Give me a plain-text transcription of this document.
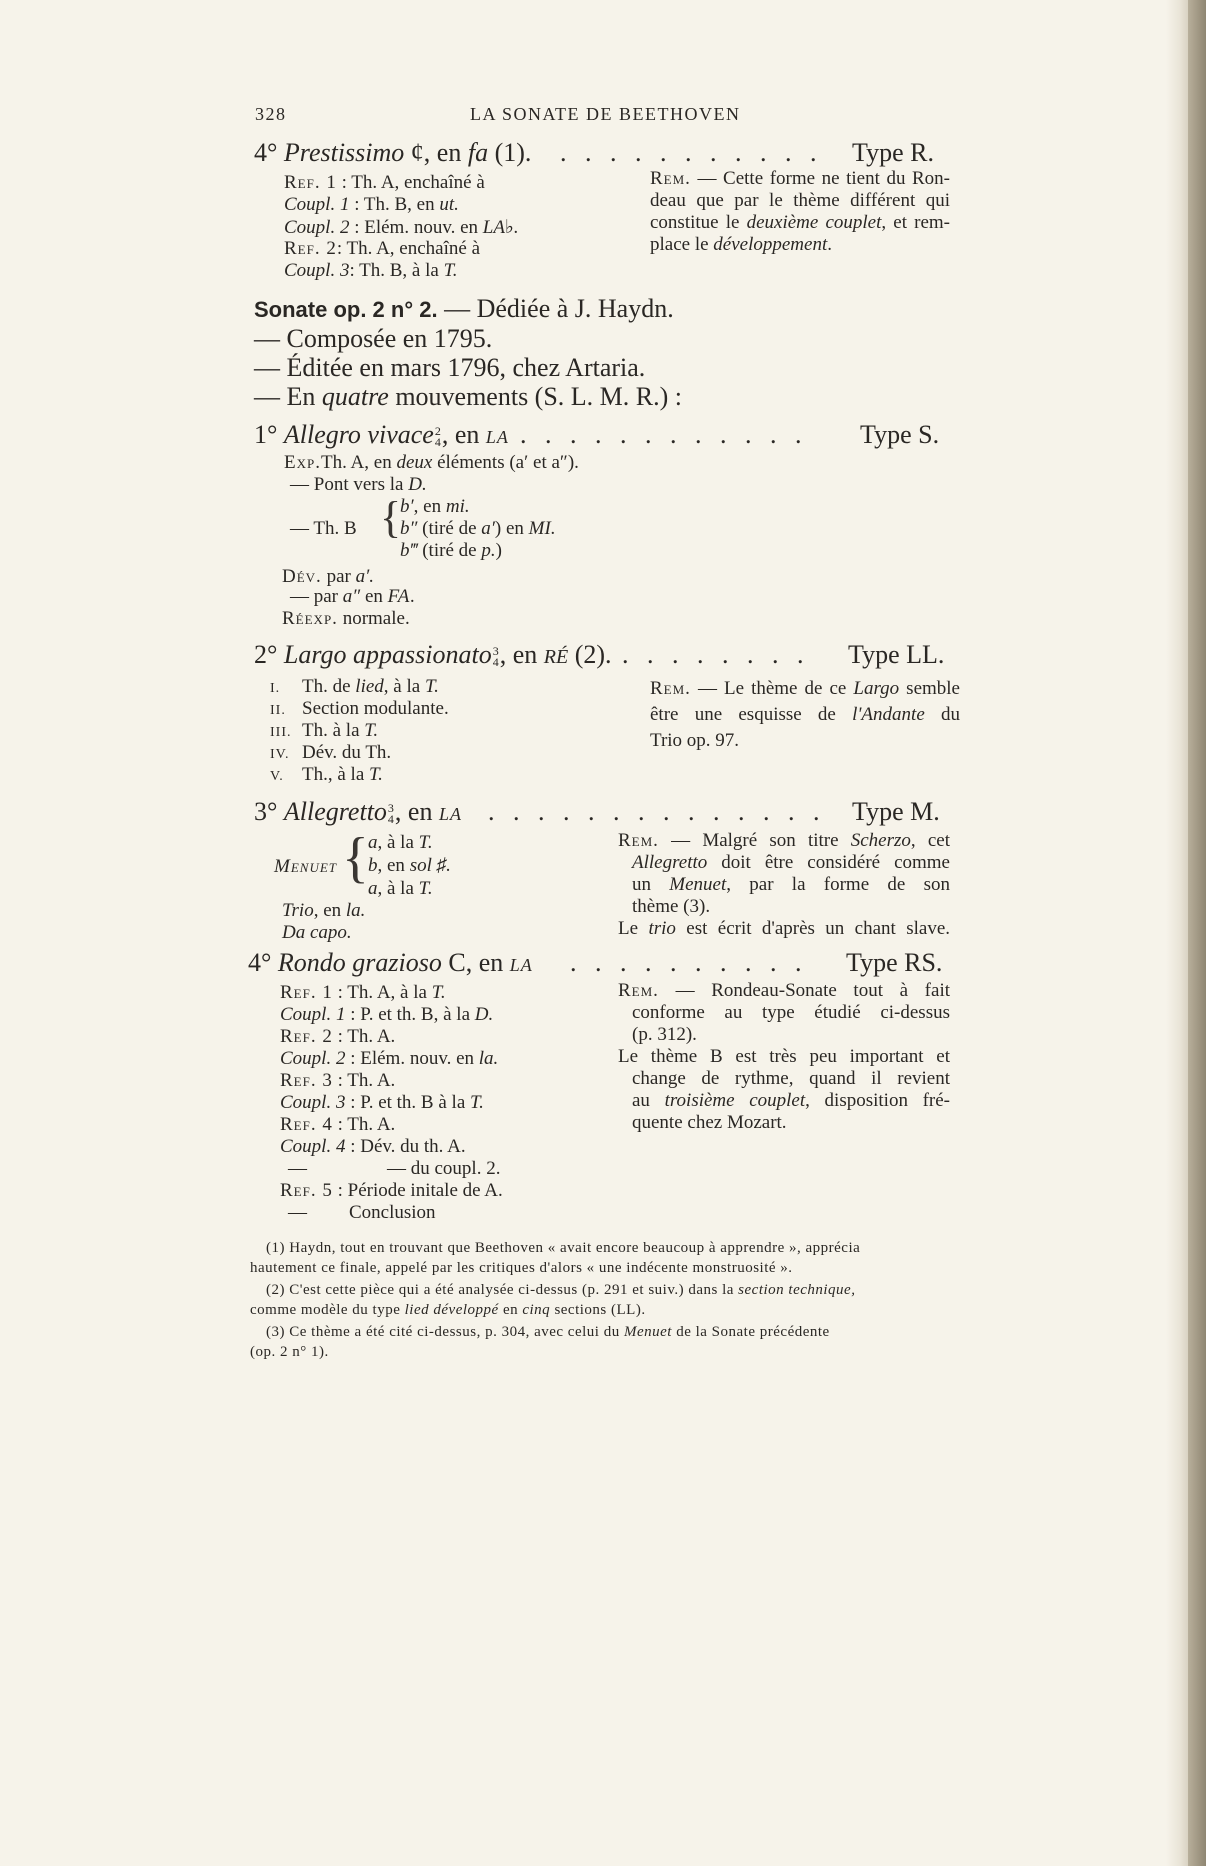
328	LA SONATE DE BEETHOVEN
4° Prestissimo ¢, en fa (1). . . . . . . . . . . . Type R.
Ref. 1 : Th. A, enchaîné à
Coupl. 1 : Th. B, en ut.
Coupl. 2 : Elém. nouv. en LA♭.
Ref. 2: Th. A, enchaîné à
Coupl. 3: Th. B, à la T.
Rem. — Cette forme ne tient du Ron-
deau que par le thème différent qui
constitue le deuxième couplet, et rem-
place le développement.
Sonate op. 2 n° 2. — Dédiée à J. Haydn.
— Composée en 1795.
— Éditée en mars 1796, chez Artaria.
— En quatre mouvements (S. L. M. R.) :
1° Allegro vivace 2
4 , en la . . . . . . . . . . . . Type S.
Exp.Th. A, en deux éléments (a′ et a″).
— Pont vers la D.
{
b′, en mi.
— Th. B b″ (tiré de a′) en MI.
b‴ (tiré de p.)
Dév. par a′.
— par a″ en FA.
Réexp. normale.
2° Largo appassionato 3
4 , en RÉ (2). . . . . . . . . Type LL.
I. Th. de lied, à la T.
II. Section modulante.
III. Th. à la T.
IV. Dév. du Th.
V. Th., à la T.
Rem. — Le thème de ce Largo semble
être une esquisse de l'Andante du
Trio op. 97.
3° Allegretto 3
4 , en la . . . . . . . . . . . . . . Type M.
Menuet { a, à la T.
b, en sol ♯.
a, à la T.
Trio, en la.
Da capo.
Rem. — Malgré son titre Scherzo, cet
Allegretto doit être considéré comme
un Menuet, par la forme de son
thème (3).
Le trio est écrit d'après un chant slave.
4° Rondo grazioso C, en la . . . . . . . . . . Type RS.
Ref. 1 : Th. A, à la T.
Coupl. 1 : P. et th. B, à la D.
Ref. 2 : Th. A.
Coupl. 2 : Elém. nouv. en la.
Ref. 3 : Th. A.
Coupl. 3 : P. et th. B à la T.
Ref. 4 : Th. A.
Coupl. 4 : Dév. du th. A.
—	— du coupl. 2.
Ref. 5 : Période initale de A.
— Conclusion
Rem. — Rondeau-Sonate tout à fait
conforme au type étudié ci-dessus
(p. 312).
Le thème B est très peu important et
change de rythme, quand il revient
au troisième couplet, disposition fré-
quente chez Mozart.
(1) Haydn, tout en trouvant que Beethoven « avait encore beaucoup à apprendre », apprécia
hautement ce finale, appelé par les critiques d'alors « une indécente monstruosité ».
(2) C'est cette pièce qui a été analysée ci-dessus (p. 291 et suiv.) dans la section technique,
comme modèle du type lied développé en cinq sections (LL).
(3) Ce thème a été cité ci-dessus, p. 304, avec celui du Menuet de la Sonate précédente
(op. 2 n° 1).
